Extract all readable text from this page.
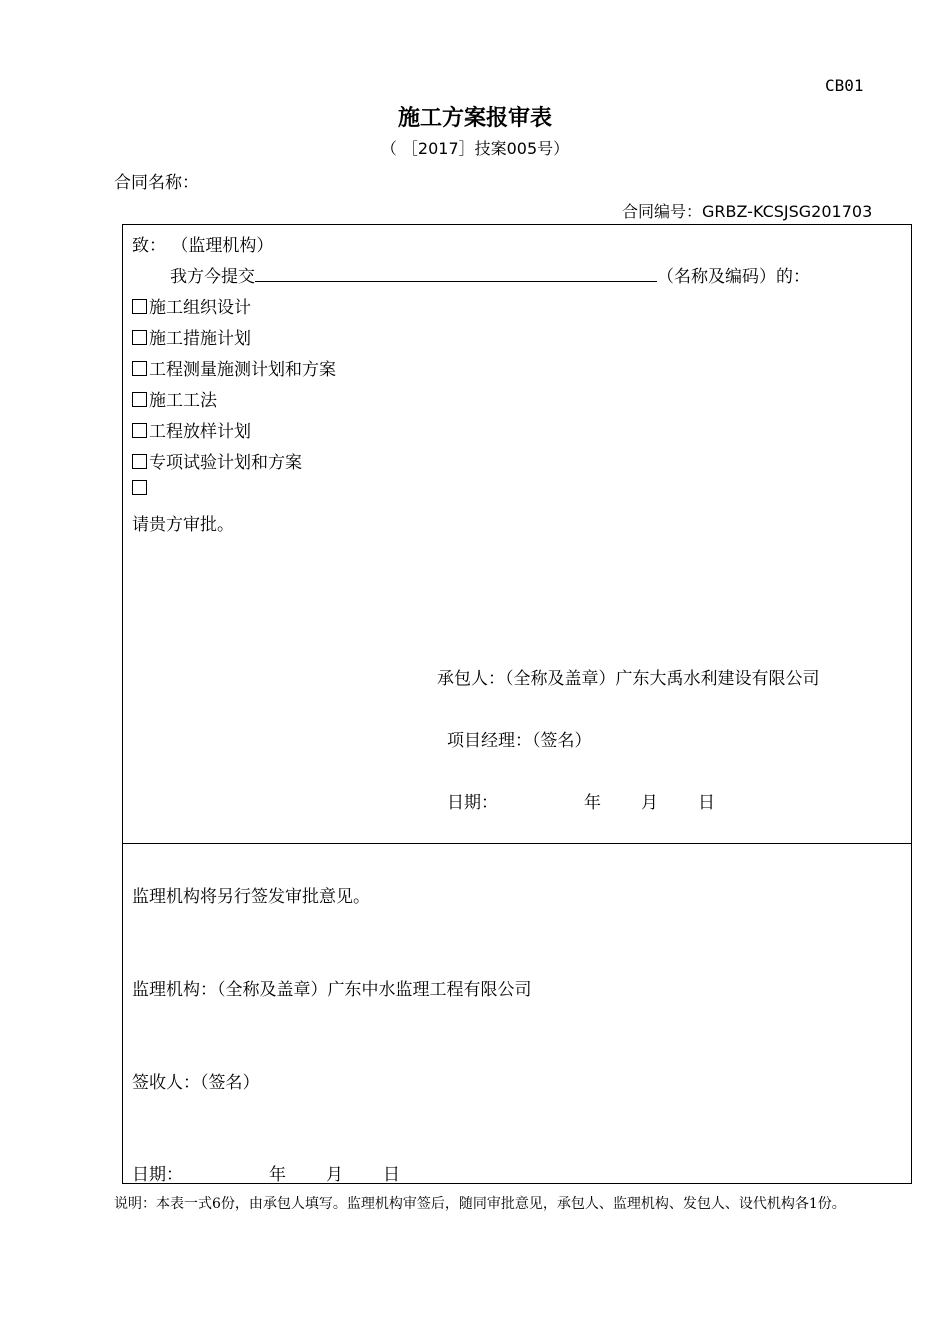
CB01
施工方案报审表
（ ［2017］技案005号）
合同名称：
合同编号：GRBZ-KCSJSG201703
致： （监理机构）
我方今提交	（名称及编码）的：
施工组织设计
施工措施计划
工程测量施测计划和方案
施工工法
工程放样计划
专项试验计划和方案
请贵方审批。
承包人：（全称及盖章）广东大禹水利建设有限公司
项目经理：（签名）
日期：	年 月 日
监理机构将另行签发审批意见。
监理机构：（全称及盖章）广东中水监理工程有限公司
签收人：（签名）
日期：	年 月 日
说明：本表一式6份，由承包人填写。监理机构审签后，随同审批意见，承包人、监理机构、发包人、设代机构各1份。
